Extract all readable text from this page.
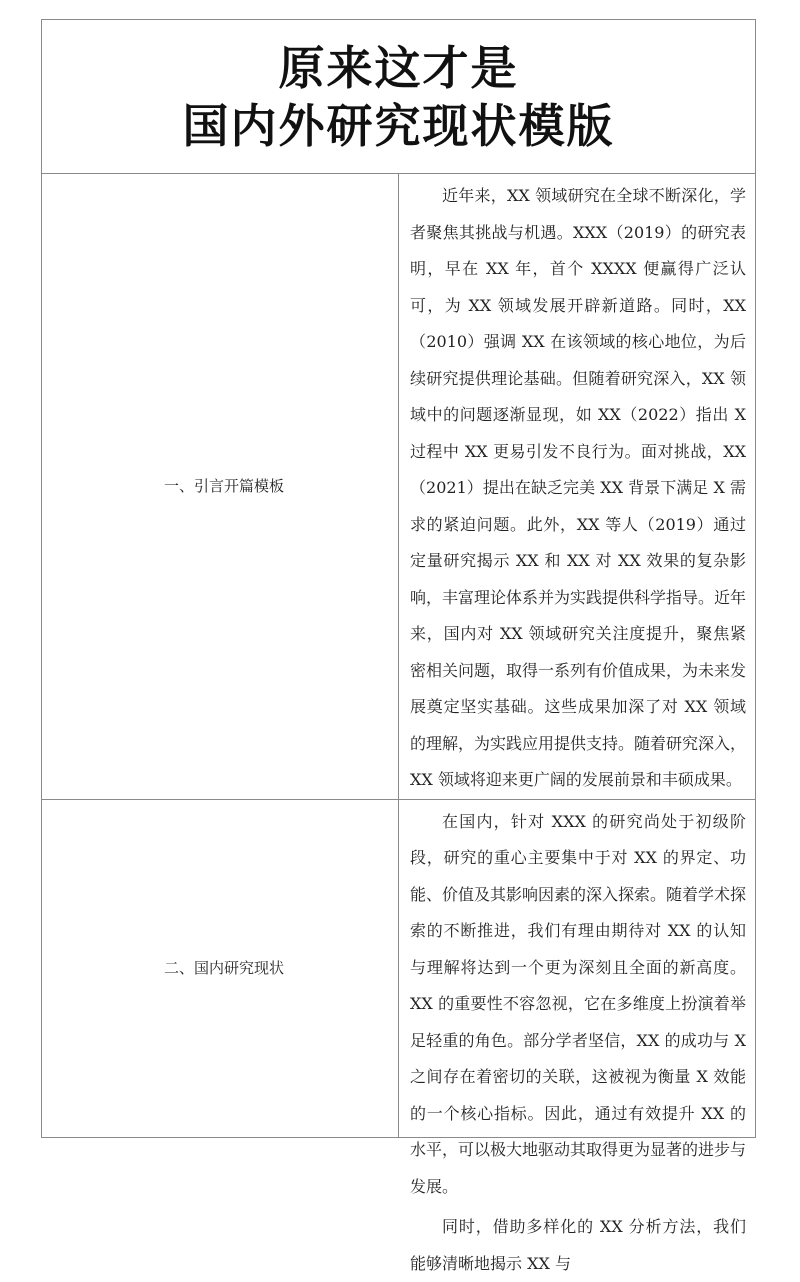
原来这才是
国内外研究现状模版	

一、引言开篇模板	近年来，XX 领域研究在全球不断深化，学者聚焦其挑战与机遇。XXX（2019）的研究表明，早在 XX 年，首个 XXXX 便赢得广泛认可，为 XX 领域发展开辟新道路。同时，XX（2010）强调 XX 在该领域的核心地位，为后续研究提供理论基础。但随着研究深入，XX 领域中的问题逐渐显现，如 XX（2022）指出 X 过程中 XX 更易引发不良行为。面对挑战，XX（2021）提出在缺乏完美 XX 背景下满足 X 需求的紧迫问题。此外，XX 等人（2019）通过定量研究揭示 XX 和 XX 对 XX 效果的复杂影响，丰富理论体系并为实践提供科学指导。近年来，国内对 XX 领域研究关注度提升，聚焦紧密相关问题，取得一系列有价值成果，为未来发展奠定坚实基础。这些成果加深了对 XX 领域的理解，为实践应用提供支持。随着研究深入，XX 领域将迎来更广阔的发展前景和丰硕成果。

二、国内研究现状	在国内，针对 XXX 的研究尚处于初级阶段，研究的重心主要集中于对 XX 的界定、功能、价值及其影响因素的深入探索。随着学术探索的不断推进，我们有理由期待对 XX 的认知与理解将达到一个更为深刻且全面的新高度。XX 的重要性不容忽视，它在多维度上扮演着举足轻重的角色。部分学者坚信，XX 的成功与 X 之间存在着密切的关联，这被视为衡量 X 效能的一个核心指标。因此，通过有效提升 XX 的水平，可以极大地驱动其取得更为显著的进步与发展。

同时，借助多样化的 XX 分析方法，我们能够清晰地揭示 XX 与
